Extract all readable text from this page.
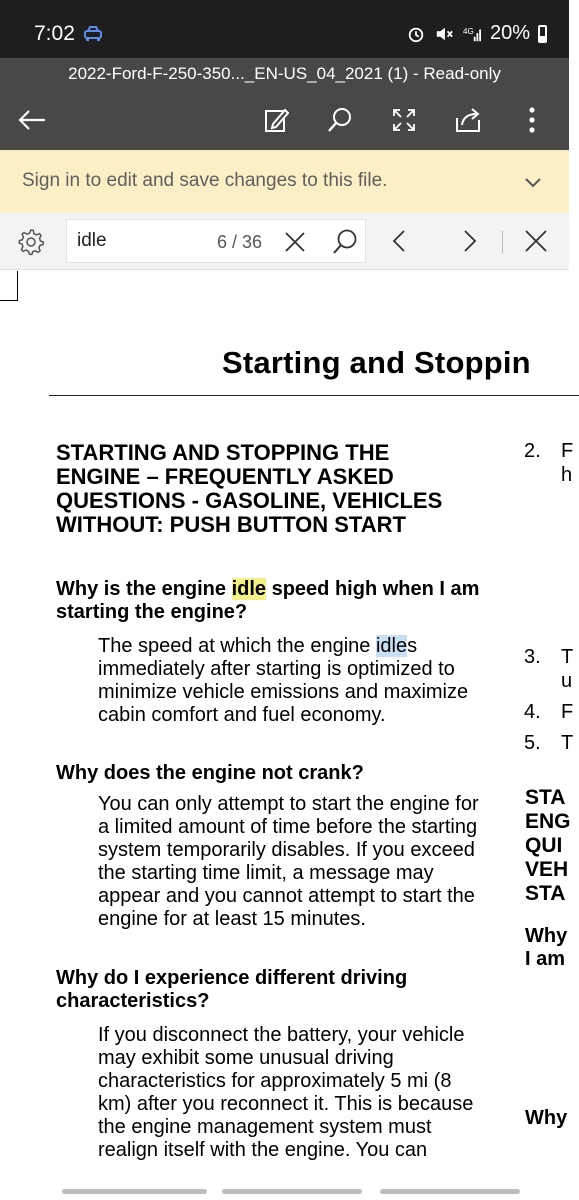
7:02	4G 20%
2022-Ford-F-250-350..._EN-US_04_2021 (1) - Read-only
Sign in to edit and save changes to this file.
idle
6 / 36
Starting and Stoppin
STARTING AND STOPPING THE ENGINE – FREQUENTLY ASKED QUESTIONS - GASOLINE, VEHICLES WITHOUT: PUSH BUTTON START
Why is the engine idle speed high when I am starting the engine?
The speed at which the engine idles immediately after starting is optimized to minimize vehicle emissions and maximize cabin comfort and fuel economy.
Why does the engine not crank?
You can only attempt to start the engine for a limited amount of time before the starting system temporarily disables. If you exceed the starting time limit, a message may appear and you cannot attempt to start the engine for at least 15 minutes.
Why do I experience different driving characteristics?
If you disconnect the battery, your vehicle may exhibit some unusual driving characteristics for approximately 5 mi (8 km) after you reconnect it. This is because the engine management system must realign itself with the engine. You can
2. F
h
3. T
u
4. F
5. T
STA
ENG
QUI
VEH
STA
Why
I am
Why
